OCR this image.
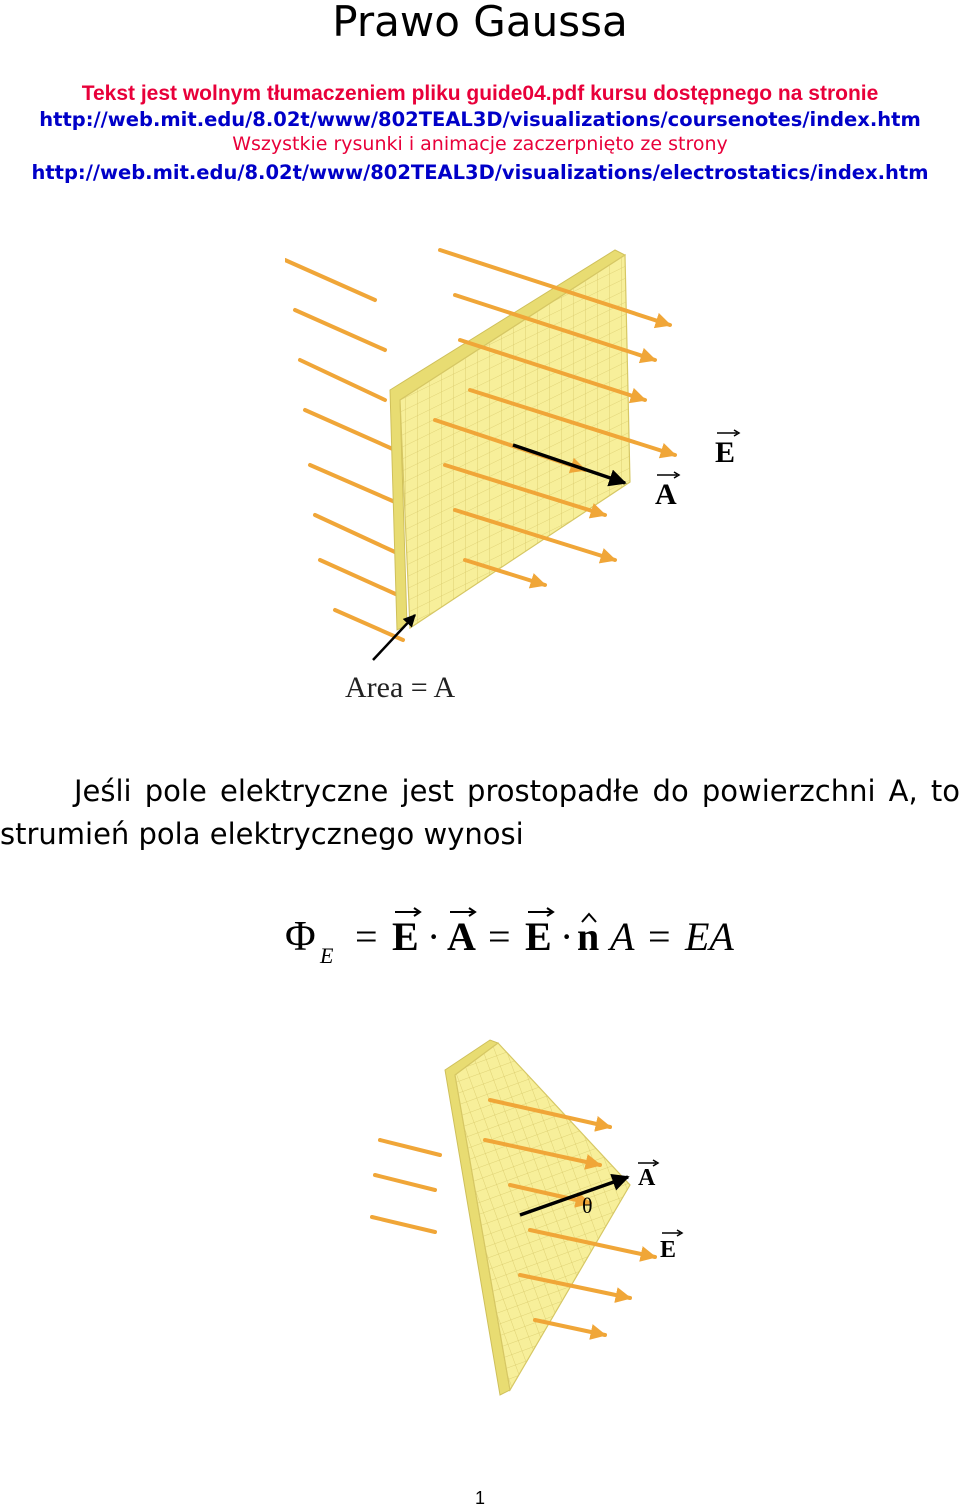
Prawo Gaussa
Tekst jest wolnym tłumaczeniem pliku guide04.pdf kursu dostępnego na stronie
http://web.mit.edu/8.02t/www/802TEAL3D/visualizations/coursenotes/index.htm
Wszystkie rysunki i animacje zaczerpnięto ze strony
http://web.mit.edu/8.02t/www/802TEAL3D/visualizations/electrostatics/index.htm
E
A
Area = A

Jeśli pole elektryczne jest prostopadłe do powierzchni A, to

strumień pola elektrycznego wynosi

Φ E = E · A = E · n A = EA
A
θ
E
1
